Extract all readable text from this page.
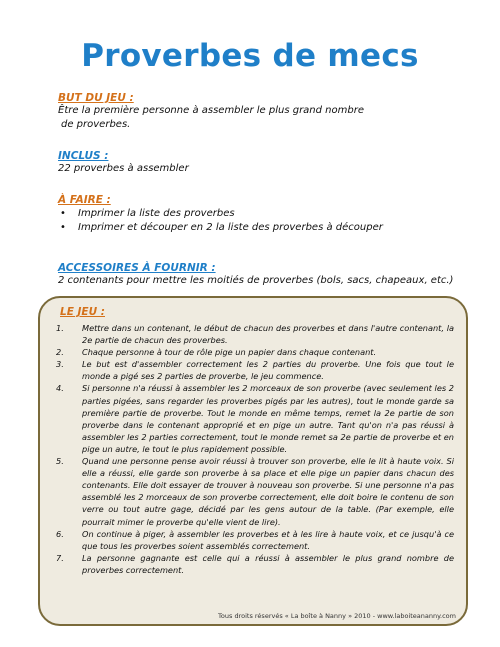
Proverbes de mecs
BUT DU JEU :
Être la première personne à assembler le plus grand nombre
de proverbes.
INCLUS :
22 proverbes à assembler
À FAIRE :
• Imprimer la liste des proverbes
• Imprimer et découper en 2 la liste des proverbes à découper
ACCESSOIRES À FOURNIR :
2 contenants pour mettre les moitiés de proverbes (bols, sacs, chapeaux, etc.)
LE JEU :
1. Mettre dans un contenant, le début de chacun des proverbes et dans l'autre contenant, la 2e partie de chacun des proverbes.
2. Chaque personne à tour de rôle pige un papier dans chaque contenant.
3. Le but est d'assembler correctement les 2 parties du proverbe. Une fois que tout le monde a pigé ses 2 parties de proverbe, le jeu commence.
4. Si personne n'a réussi à assembler les 2 morceaux de son proverbe (avec seulement les 2 parties pigées, sans regarder les proverbes pigés par les autres), tout le monde garde sa première partie de proverbe. Tout le monde en même temps, remet la 2e partie de son proverbe dans le contenant approprié et en pige un autre. Tant qu'on n'a pas réussi à assembler les 2 parties correctement, tout le monde remet sa 2e partie de proverbe et en pige un autre, le tout le plus rapidement possible.
5. Quand une personne pense avoir réussi à trouver son proverbe, elle le lit à haute voix. Si elle a réussi, elle garde son proverbe à sa place et elle pige un papier dans chacun des contenants. Elle doit essayer de trouver à nouveau son proverbe. Si une personne n'a pas assemblé les 2 morceaux de son proverbe correctement, elle doit boire le contenu de son verre ou tout autre gage, décidé par les gens autour de la table. (Par exemple, elle pourrait mimer le proverbe qu'elle vient de lire).
6. On continue à piger, à assembler les proverbes et à les lire à haute voix, et ce jusqu'à ce que tous les proverbes soient assemblés correctement.
7. La personne gagnante est celle qui a réussi à assembler le plus grand nombre de proverbes correctement.
Tous droits réservés « La boîte à Nanny » 2010 - www.laboiteananny.com
